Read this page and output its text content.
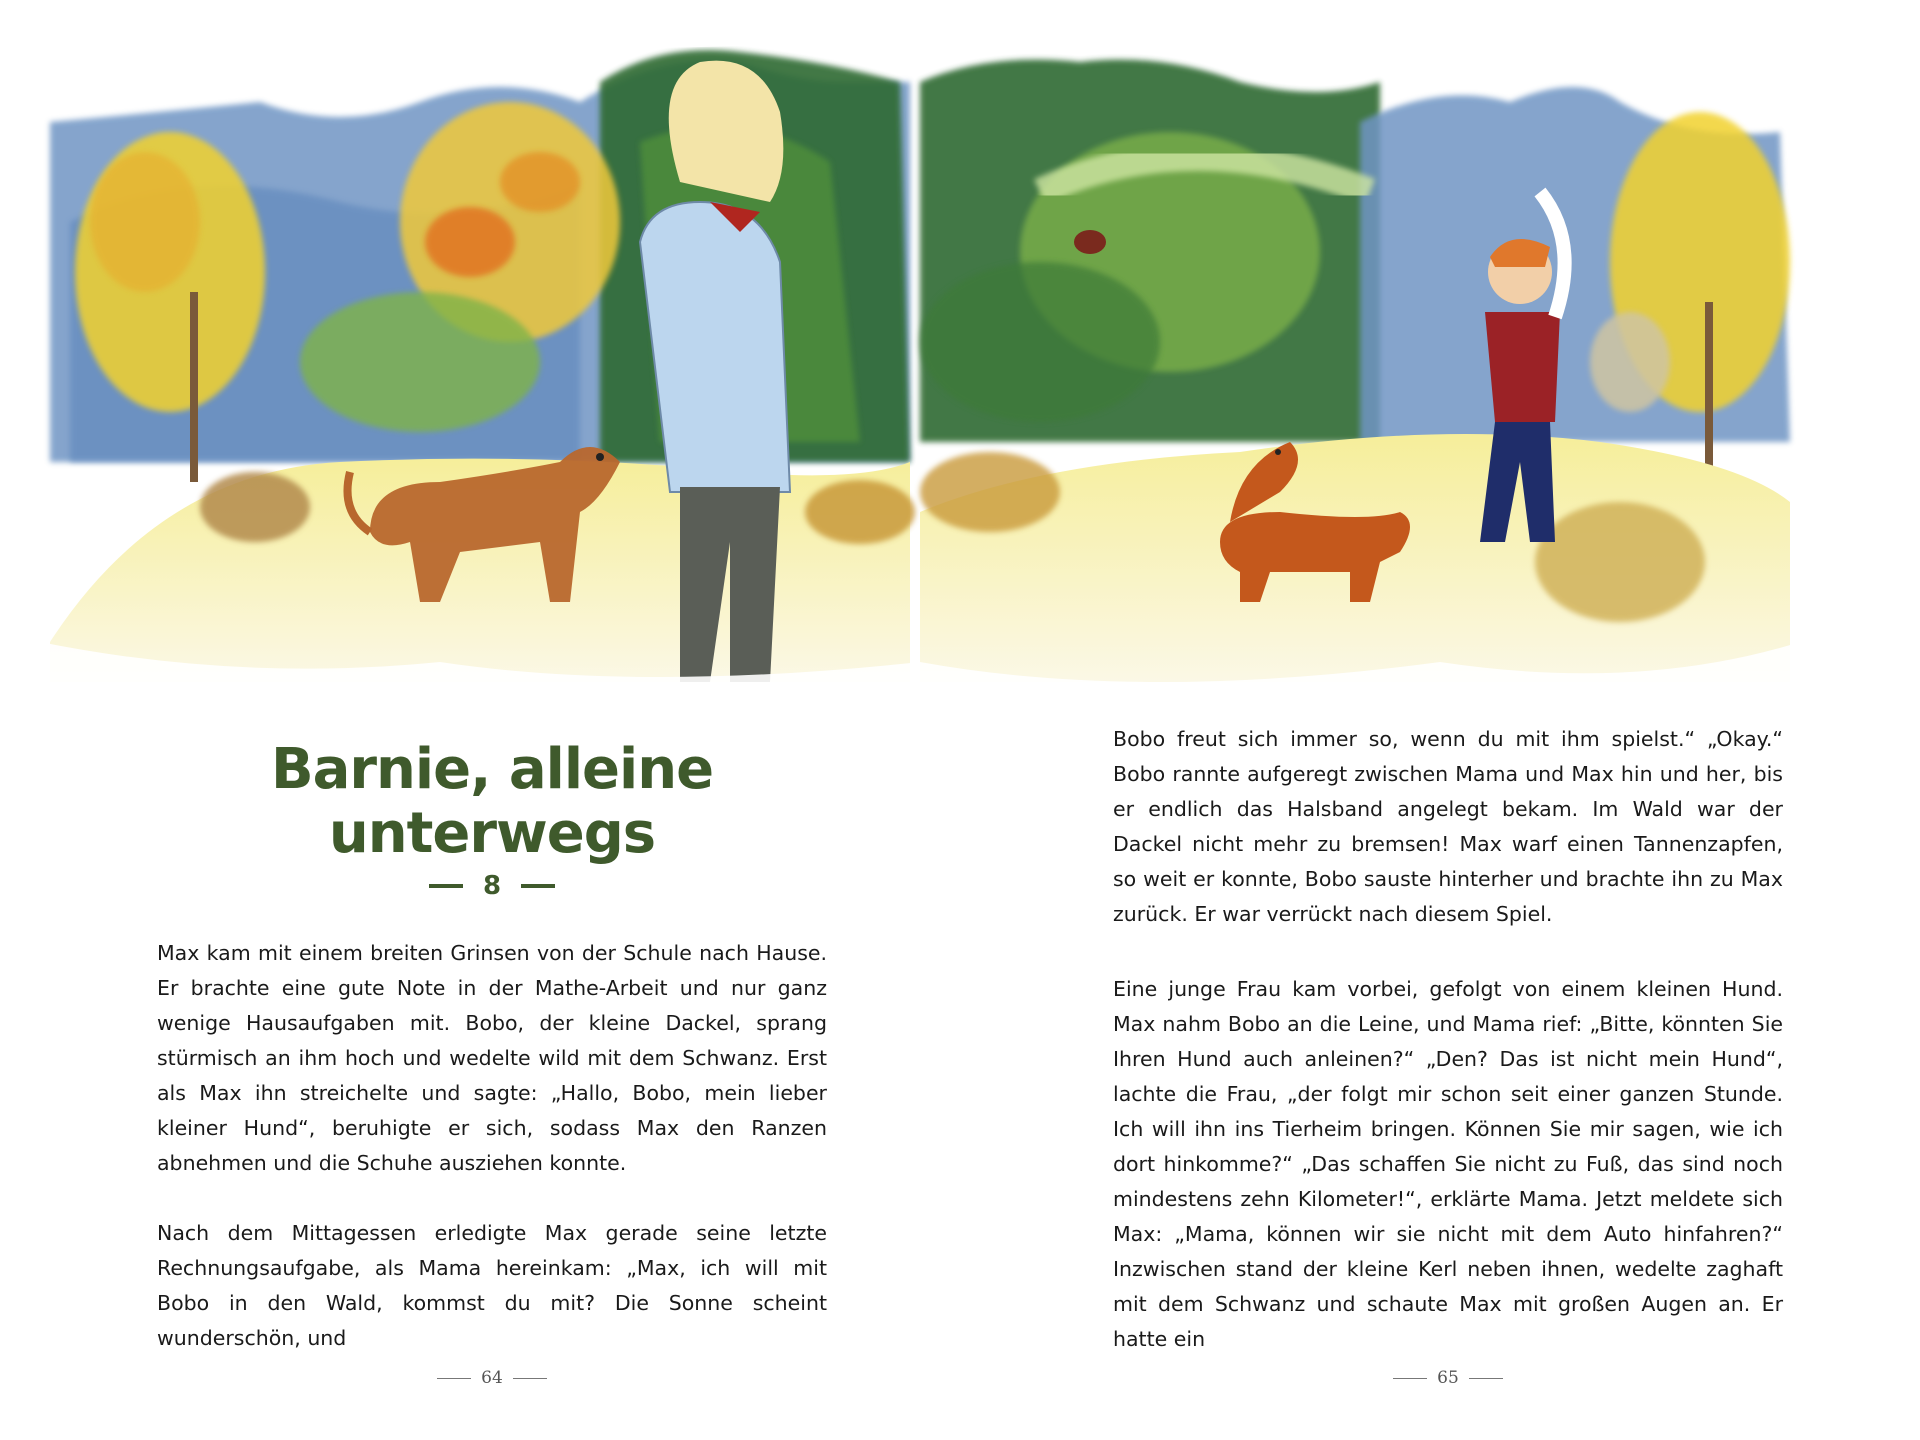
Barnie, alleine
unterwegs
8

Max kam mit einem breiten Grinsen von der Schule nach Hause. Er brachte eine gute Note in der Mathe-Arbeit und nur ganz wenige Hausaufgaben mit. Bobo, der kleine Dackel, sprang stürmisch an ihm hoch und wedelte wild mit dem Schwanz. Erst als Max ihn streichelte und sagte: „Hallo, Bobo, mein lieber kleiner Hund“, beruhigte er sich, sodass Max den Ranzen abnehmen und die Schuhe ausziehen konnte.

Nach dem Mittagessen erledigte Max gerade seine letzte Rechnungsaufgabe, als Mama hereinkam: „Max, ich will mit Bobo in den Wald, kommst du mit? Die Sonne scheint wunderschön, und

64

Bobo freut sich immer so, wenn du mit ihm spielst.“ „Okay.“ Bobo rannte aufgeregt zwischen Mama und Max hin und her, bis er endlich das Halsband angelegt bekam. Im Wald war der Dackel nicht mehr zu bremsen! Max warf einen Tannenzapfen, so weit er konnte, Bobo sauste hinterher und brachte ihn zu Max zurück. Er war verrückt nach diesem Spiel.

Eine junge Frau kam vorbei, gefolgt von einem kleinen Hund. Max nahm Bobo an die Leine, und Mama rief: „Bitte, könnten Sie Ihren Hund auch anleinen?“ „Den? Das ist nicht mein Hund“, lachte die Frau, „der folgt mir schon seit einer ganzen Stunde. Ich will ihn ins Tierheim bringen. Können Sie mir sagen, wie ich dort hinkomme?“ „Das schaffen Sie nicht zu Fuß, das sind noch mindestens zehn Kilometer!“, erklärte Mama. Jetzt meldete sich Max: „Mama, können wir sie nicht mit dem Auto hinfahren?“ Inzwischen stand der kleine Kerl neben ihnen, wedelte zaghaft mit dem Schwanz und schaute Max mit großen Augen an. Er hatte ein

65
